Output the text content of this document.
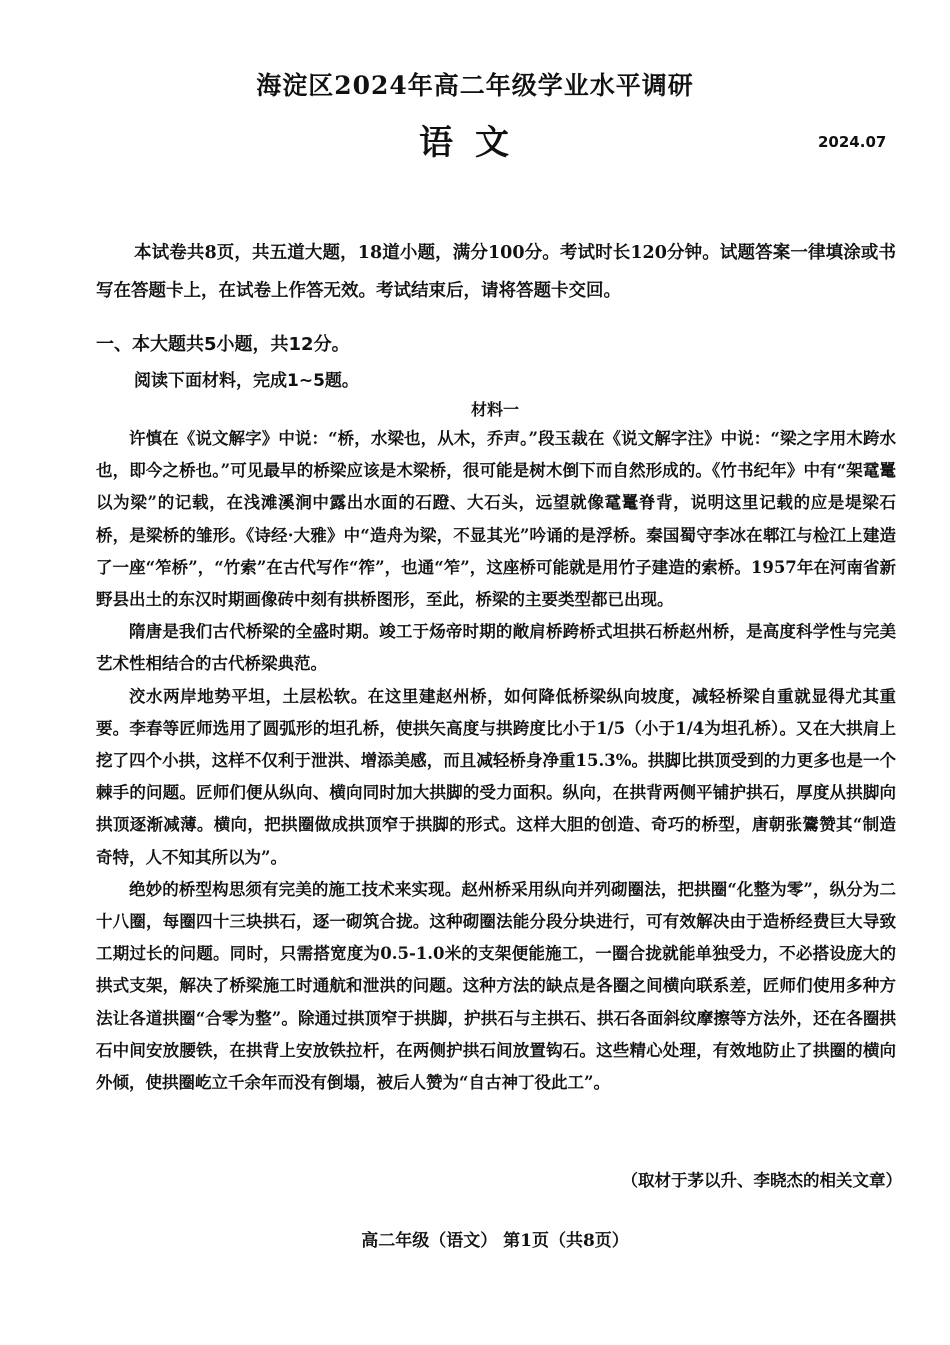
海淀区2024年高二年级学业水平调研
语文	2024.07

本试卷共8页，共五道大题，18道小题，满分100分。考试时长120分钟。试题答案一律填涂或书写在答题卡上，在试卷上作答无效。考试结束后，请将答题卡交回。

一、本大题共5小题，共12分。
阅读下面材料，完成1~5题。
材料一

许慎在《说文解字》中说：“桥，水梁也，从木，乔声。”段玉裁在《说文解字注》中说：“梁之字用木跨水也，即今之桥也。”可见最早的桥梁应该是木梁桥，很可能是树木倒下而自然形成的。《竹书纪年》中有“架鼋鼍以为梁”的记载，在浅滩溪涧中露出水面的石蹬、大石头，远望就像鼋鼍脊背，说明这里记载的应是堤梁石桥，是梁桥的雏形。《诗经·大雅》中“造舟为梁，不显其光”吟诵的是浮桥。秦国蜀守李冰在郫江与检江上建造了一座“笮桥”，“竹索”在古代写作“筰”，也通“笮”，这座桥可能就是用竹子建造的索桥。1957年在河南省新野县出土的东汉时期画像砖中刻有拱桥图形，至此，桥梁的主要类型都已出现。

隋唐是我们古代桥梁的全盛时期。竣工于炀帝时期的敞肩桥跨桥式坦拱石桥赵州桥，是高度科学性与完美艺术性相结合的古代桥梁典范。

洨水两岸地势平坦，土层松软。在这里建赵州桥，如何降低桥梁纵向坡度，减轻桥梁自重就显得尤其重要。李春等匠师选用了圆弧形的坦孔桥，使拱矢高度与拱跨度比小于1/5（小于1/4为坦孔桥）。又在大拱肩上挖了四个小拱，这样不仅利于泄洪、增添美感，而且减轻桥身净重15.3%。拱脚比拱顶受到的力更多也是一个棘手的问题。匠师们便从纵向、横向同时加大拱脚的受力面积。纵向，在拱背两侧平铺护拱石，厚度从拱脚向拱顶逐渐减薄。横向，把拱圈做成拱顶窄于拱脚的形式。这样大胆的创造、奇巧的桥型，唐朝张鷟赞其“制造奇特，人不知其所以为”。

绝妙的桥型构思须有完美的施工技术来实现。赵州桥采用纵向并列砌圈法，把拱圈“化整为零”，纵分为二十八圈，每圈四十三块拱石，逐一砌筑合拢。这种砌圈法能分段分块进行，可有效解决由于造桥经费巨大导致工期过长的问题。同时，只需搭宽度为0.5-1.0米的支架便能施工，一圈合拢就能单独受力，不必搭设庞大的拱式支架，解决了桥梁施工时通航和泄洪的问题。这种方法的缺点是各圈之间横向联系差，匠师们使用多种方法让各道拱圈“合零为整”。除通过拱顶窄于拱脚，护拱石与主拱石、拱石各面斜纹摩擦等方法外，还在各圈拱石中间安放腰铁，在拱背上安放铁拉杆，在两侧护拱石间放置钩石。这些精心处理，有效地防止了拱圈的横向外倾，使拱圈屹立千余年而没有倒塌，被后人赞为“自古神丁役此工”。

（取材于茅以升、李晓杰的相关文章）
高二年级（语文） 第1页（共8页）
